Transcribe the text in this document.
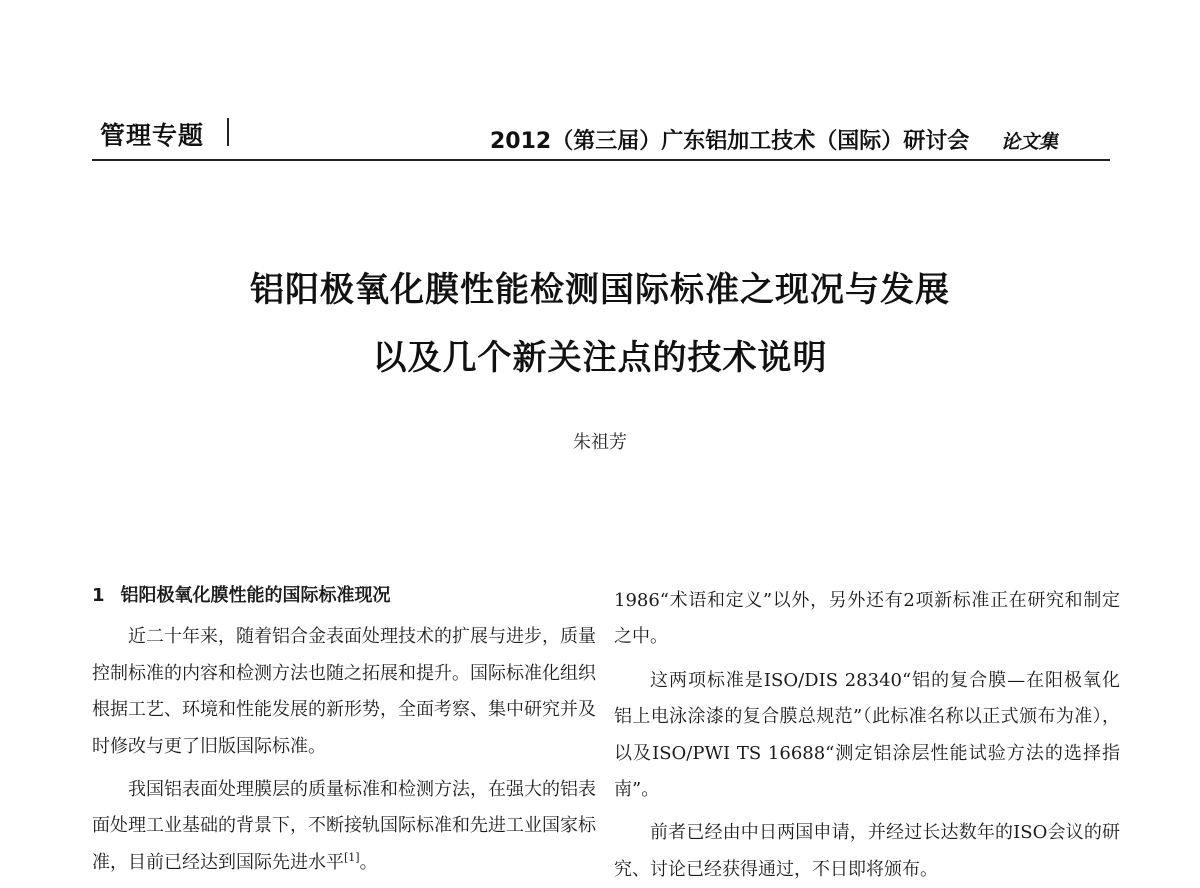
管理专题	2012（第三届）广东铝加工技术（国际）研讨会 论文集
铝阳极氧化膜性能检测国际标准之现况与发展
以及几个新关注点的技术说明
朱祖芳
1 铝阳极氧化膜性能的国际标准现况

近二十年来，随着铝合金表面处理技术的扩展与进步，质量控制标准的内容和检测方法也随之拓展和提升。国际标准化组织根据工艺、环境和性能发展的新形势，全面考察、集中研究并及时修改与更了旧版国际标准。

我国铝表面处理膜层的质量标准和检测方法，在强大的铝表面处理工业基础的背景下，不断接轨国际标准和先进工业国家标准，目前已经达到国际先进水平[1]。

1986“术语和定义”以外，另外还有2项新标准正在研究和制定之中。

这两项标准是ISO/DIS 28340“铝的复合膜—在阳极氧化铝上电泳涂漆的复合膜总规范”（此标准名称以正式颁布为准），以及ISO/PWI TS 16688“测定铝涂层性能试验方法的选择指南”。

前者已经由中日两国申请，并经过长达数年的ISO会议的研究、讨论已经获得通过，不日即将颁布。
